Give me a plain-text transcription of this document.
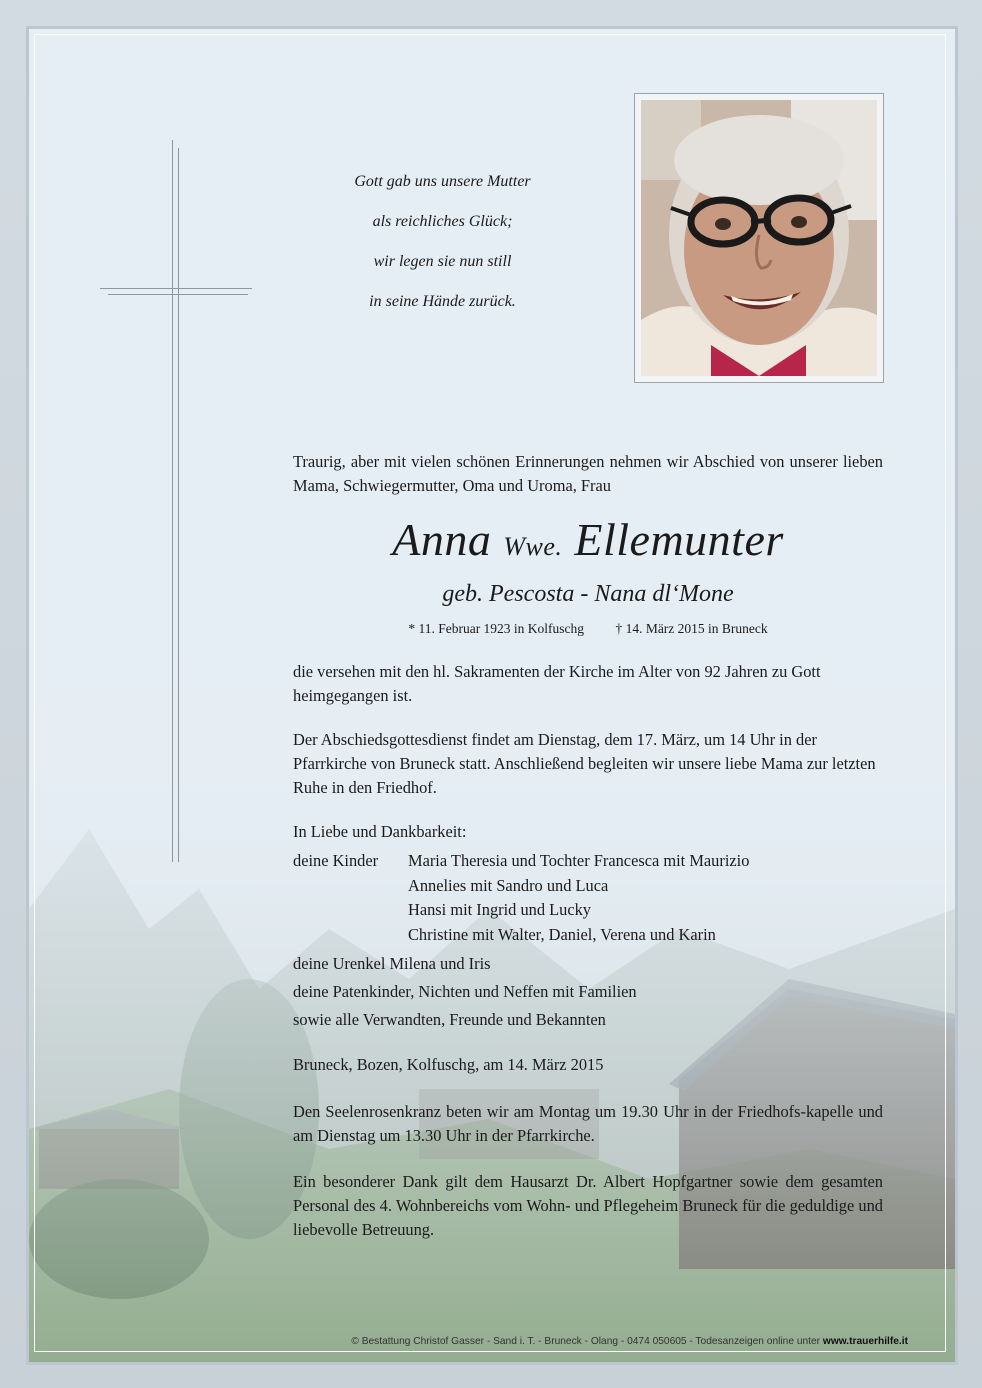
Gott gab uns unsere Mutter
als reichliches Glück;
wir legen sie nun still
in seine Hände zurück.
Traurig, aber mit vielen schönen Erinnerungen nehmen wir Abschied von unserer lieben Mama, Schwiegermutter, Oma und Uroma, Frau
Anna Wwe. Ellemunter
geb. Pescosta - Nana dl‘Mone
* 11. Februar 1923 in Kolfuschg † 14. März 2015 in Bruneck
die versehen mit den hl. Sakramenten der Kirche im Alter von 92 Jahren zu Gott heimgegangen ist.
Der Abschiedsgottesdienst findet am Dienstag, dem 17. März, um 14 Uhr in der Pfarrkirche von Bruneck statt. Anschließend begleiten wir unsere liebe Mama zur letzten Ruhe in den Friedhof.
In Liebe und Dankbarkeit:
deine Kinder Maria Theresia und Tochter Francesca mit Maurizio
Annelies mit Sandro und Luca
Hansi mit Ingrid und Lucky
Christine mit Walter, Daniel, Verena und Karin
deine Urenkel Milena und Iris
deine Patenkinder, Nichten und Neffen mit Familien
sowie alle Verwandten, Freunde und Bekannten
Bruneck, Bozen, Kolfuschg, am 14. März 2015
Den Seelenrosenkranz beten wir am Montag um 19.30 Uhr in der Friedhofs-kapelle und am Dienstag um 13.30 Uhr in der Pfarrkirche.
Ein besonderer Dank gilt dem Hausarzt Dr. Albert Hopfgartner sowie dem gesamten Personal des 4. Wohnbereichs vom Wohn- und Pflegeheim Bruneck für die geduldige und liebevolle Betreuung.
© Bestattung Christof Gasser - Sand i. T. - Bruneck - Olang - 0474 050605 - Todesanzeigen online unter www.trauerhilfe.it
